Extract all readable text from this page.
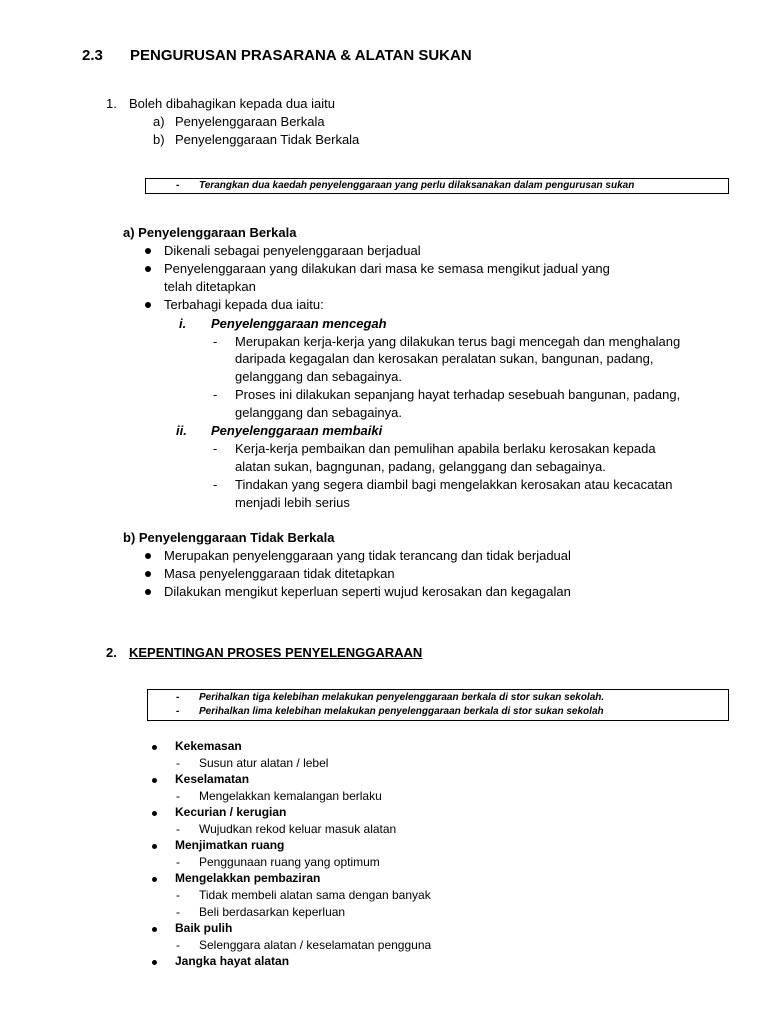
2.3 PENGURUSAN PRASARANA & ALATAN SUKAN
1. Boleh dibahagikan kepada dua iaitu
a) Penyelenggaraan Berkala
b) Penyelenggaraan Tidak Berkala
- Terangkan dua kaedah penyelenggaraan yang perlu dilaksanakan dalam pengurusan sukan
a) Penyelenggaraan Berkala
Dikenali sebagai penyelenggaraan berjadual
Penyelenggaraan yang dilakukan dari masa ke semasa mengikut jadual yang
telah ditetapkan
Terbahagi kepada dua iaitu:
i. Penyelenggaraan mencegah
- Merupakan kerja-kerja yang dilakukan terus bagi mencegah dan menghalang
daripada kegagalan dan kerosakan peralatan sukan, bangunan, padang,
gelanggang dan sebagainya.
- Proses ini dilakukan sepanjang hayat terhadap sesebuah bangunan, padang,
gelanggang dan sebagainya.
ii. Penyelenggaraan membaiki
- Kerja-kerja pembaikan dan pemulihan apabila berlaku kerosakan kepada
alatan sukan, bagngunan, padang, gelanggang dan sebagainya.
- Tindakan yang segera diambil bagi mengelakkan kerosakan atau kecacatan
menjadi lebih serius
b) Penyelenggaraan Tidak Berkala
Merupakan penyelenggaraan yang tidak terancang dan tidak berjadual
Masa penyelenggaraan tidak ditetapkan
Dilakukan mengikut keperluan seperti wujud kerosakan dan kegagalan
2. KEPENTINGAN PROSES PENYELENGGARAAN
- Perihalkan tiga kelebihan melakukan penyelenggaraan berkala di stor sukan sekolah.
- Perihalkan lima kelebihan melakukan penyelenggaraan berkala di stor sukan sekolah
Kekemasan
- Susun atur alatan / lebel
Keselamatan
- Mengelakkan kemalangan berlaku
Kecurian / kerugian
- Wujudkan rekod keluar masuk alatan
Menjimatkan ruang
- Penggunaan ruang yang optimum
Mengelakkan pembaziran
- Tidak membeli alatan sama dengan banyak
- Beli berdasarkan keperluan
Baik pulih
- Selenggara alatan / keselamatan pengguna
Jangka hayat alatan
